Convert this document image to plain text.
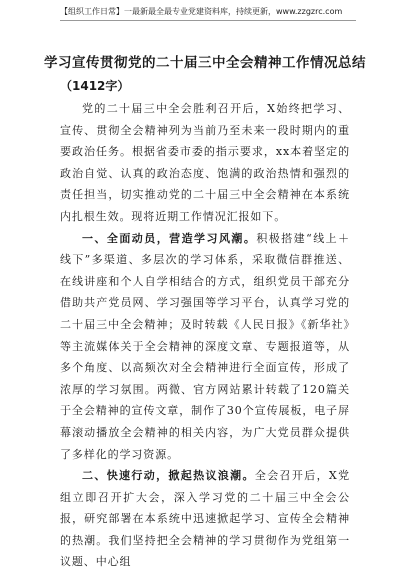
【组织工作日常】一最新最全最专业党建资料库，持续更新，www.zzgzrc.com
学习宣传贯彻党的二十届三中全会精神工作情况总结
（1412字）

党的二十届三中全会胜利召开后，X始终把学习、宣传、贯彻全会精神列为当前乃至未来一段时期内的重要政治任务。根据省委市委的指示要求，xx本着坚定的政治自觉、认真的政治态度、饱满的政治热情和强烈的责任担当，切实推动党的二十届三中全会精神在本系统内扎根生效。现将近期工作情况汇报如下。

一、全面动员，营造学习风潮。积极搭建“线上＋线下”多渠道、多层次的学习体系，采取微信群推送、在线讲座和个人自学相结合的方式，组织党员干部充分借助共产党员网、学习强国等学习平台，认真学习党的二十届三中全会精神；及时转载《人民日报》《新华社》等主流媒体关于全会精神的深度文章、专题报道等，从多个角度、以高频次对全会精神进行全面宣传，形成了浓厚的学习氛围。两微、官方网站累计转载了120篇关于全会精神的宣传文章，制作了30个宣传展板，电子屏幕滚动播放全会精神的相关内容，为广大党员群众提供了多样化的学习资源。

二、快速行动，掀起热议浪潮。全会召开后，X党组立即召开扩大会，深入学习党的二十届三中全会公报，研究部署在本系统中迅速掀起学习、宣传全会精神的热潮。我们坚持把全会精神的学习贯彻作为党组第一议题、中心组
